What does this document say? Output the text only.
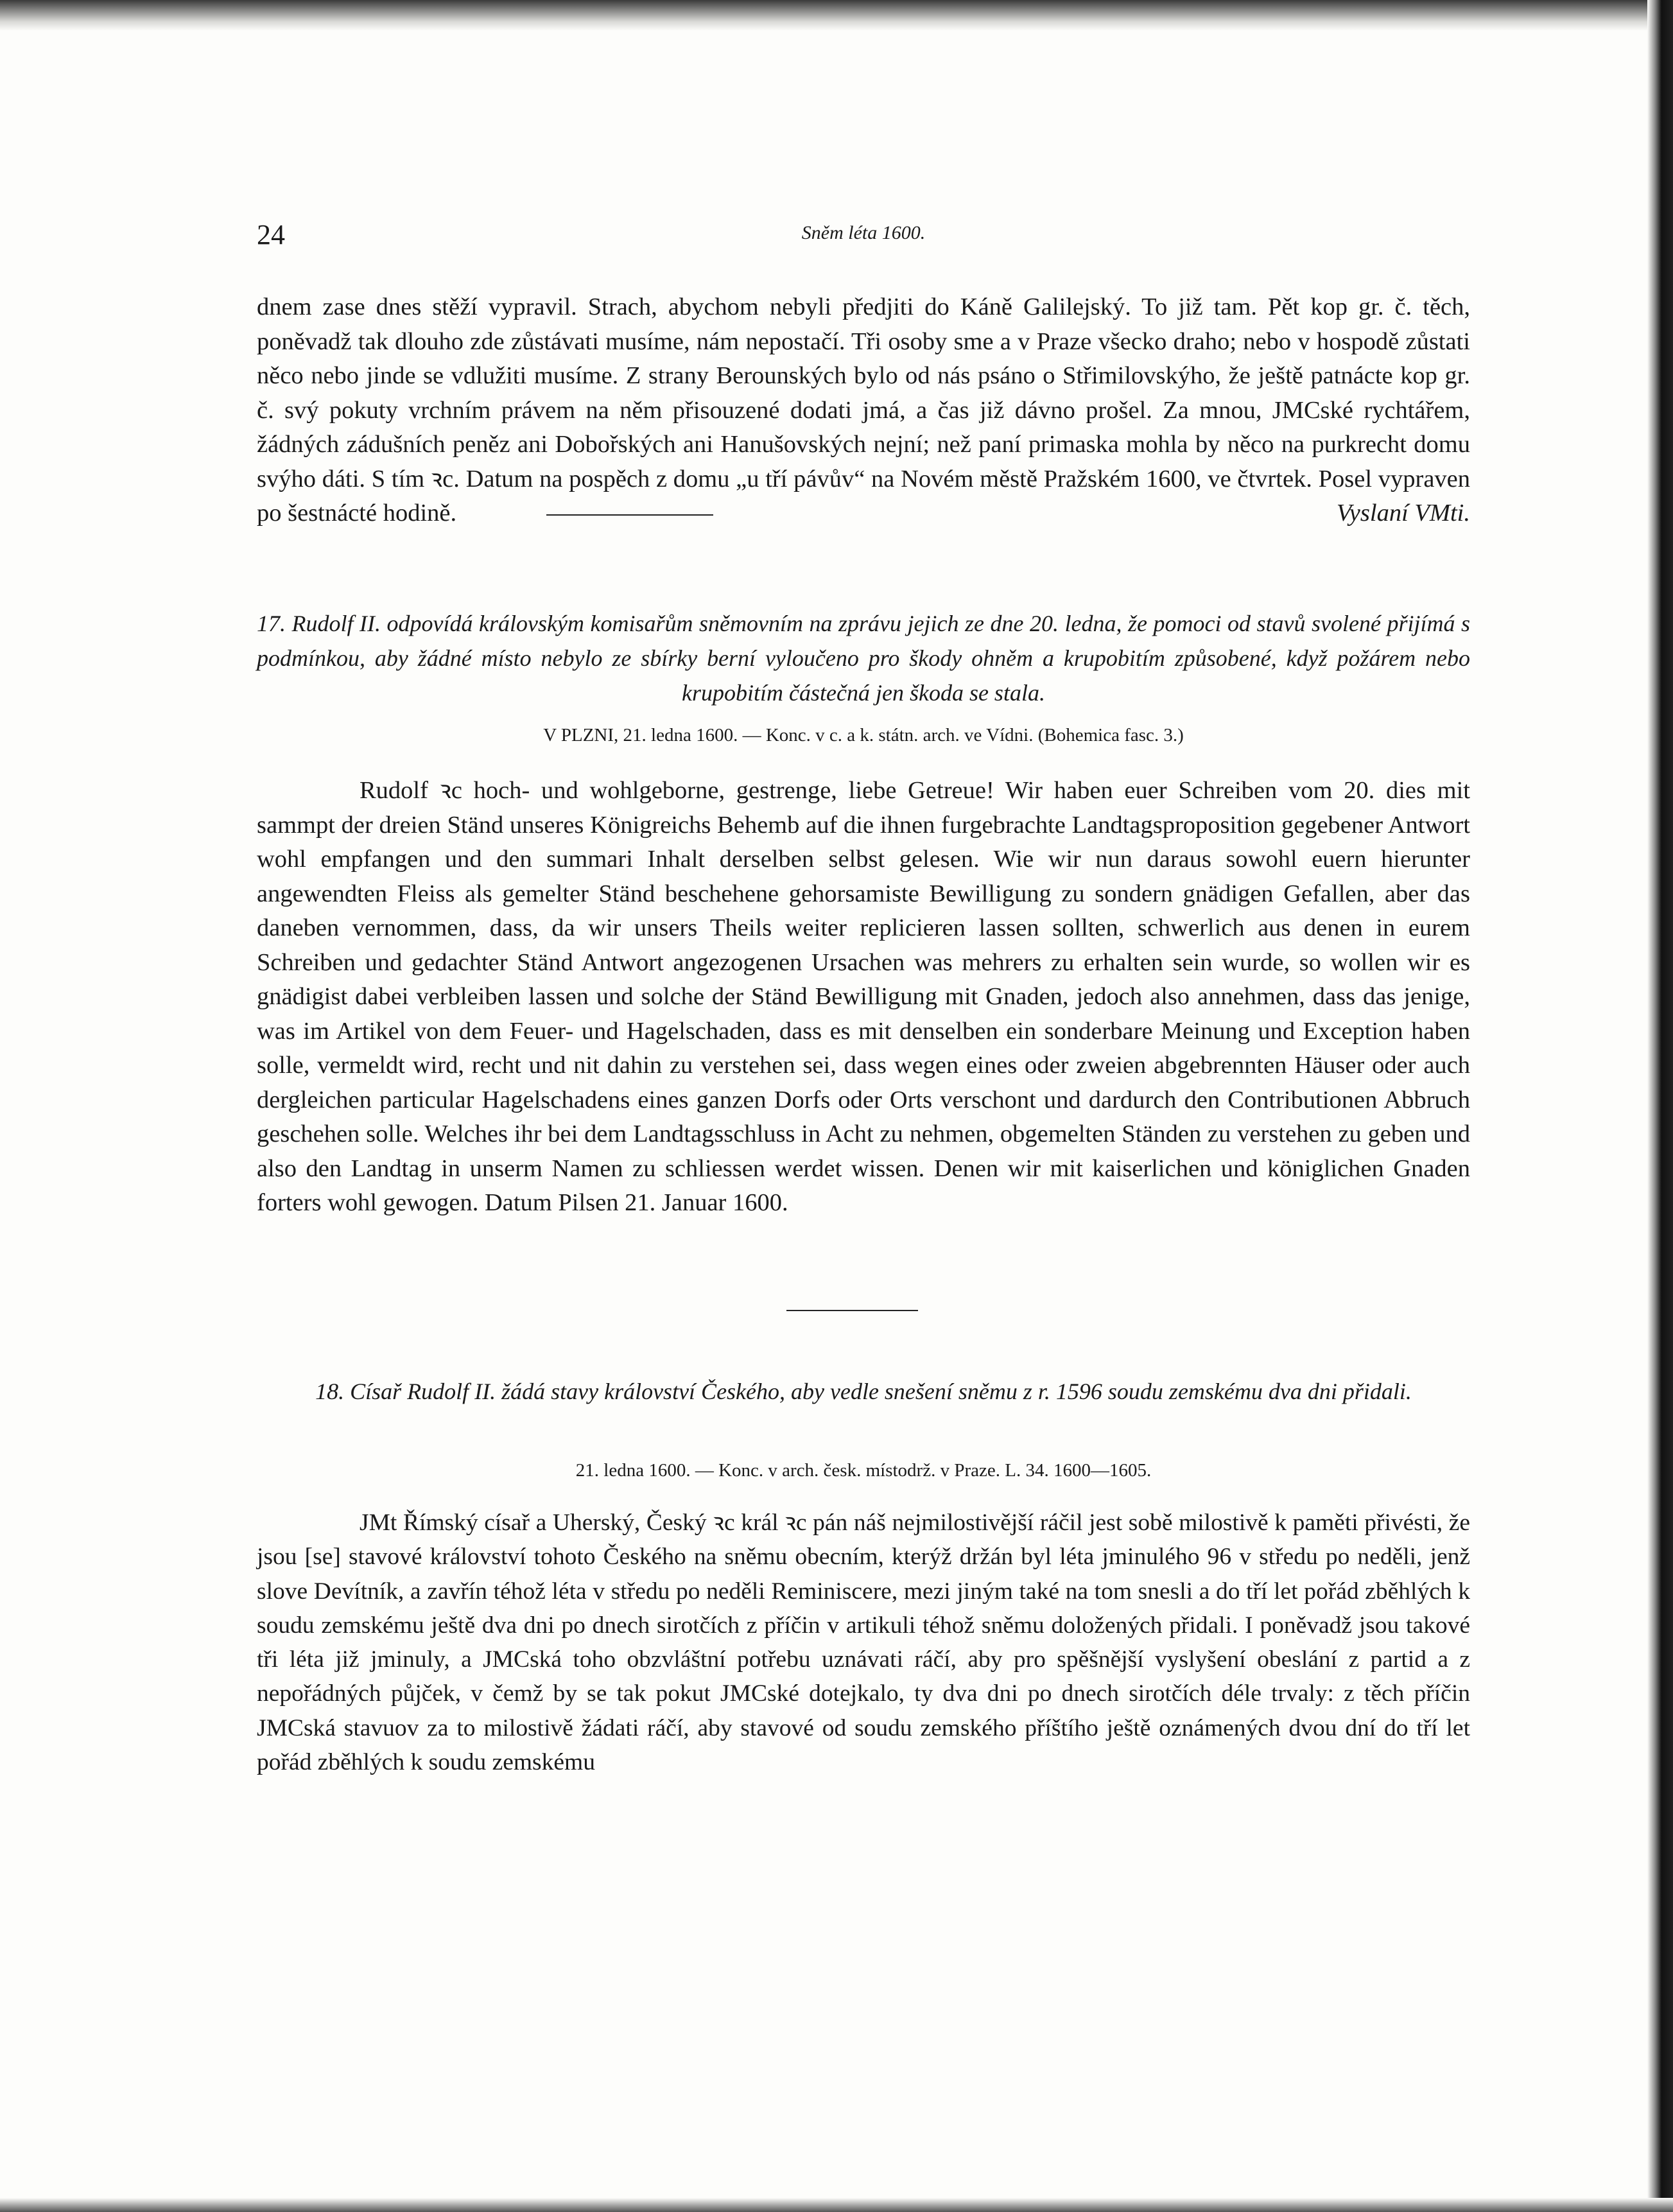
24	Sněm léta 1600.

dnem zase dnes stěží vypravil. Strach, abychom nebyli předjiti do Káně Galilejský. To již tam. Pět kop gr. č. těch, poněvadž tak dlouho zde zůstávati musíme, nám nepostačí. Tři osoby sme a v Praze všecko draho; nebo v hospodě zůstati něco nebo jinde se vdlužiti musíme. Z strany Berounských bylo od nás psáno o Střimilovskýho, že ještě patnácte kop gr. č. svý pokuty vrchním právem na něm přisouzené dodati jmá, a čas již dávno prošel. Za mnou, JMCské rychtářem, žádných zádušních peněz ani Dobořských ani Hanušovských nejní; než paní primaska mohla by něco na purkrecht domu svýho dáti. S tím ꝛc. Datum na pospěch z domu „u tří pávův“ na Novém městě Pražském 1600, ve čtvrtek. Posel vypraven po šestnácté hodině.	Vyslaní VMti.

17. Rudolf II. odpovídá královským komisařům sněmovním na zprávu jejich ze dne 20. ledna, že pomoci od stavů svolené přijímá s podmínkou, aby žádné místo nebylo ze sbírky berní vyloučeno pro škody ohněm a krupobitím způsobené, když požárem nebo krupobitím částečná jen škoda se stala.

V PLZNI, 21. ledna 1600. — Konc. v c. a k. státn. arch. ve Vídni. (Bohemica fasc. 3.)

Rudolf ꝛc hoch- und wohlgeborne, gestrenge, liebe Getreue! Wir haben euer Schreiben vom 20. dies mit sammpt der dreien Ständ unseres Königreichs Behemb auf die ihnen furgebrachte Landtagsproposition gegebener Antwort wohl empfangen und den summari Inhalt derselben selbst gelesen. Wie wir nun daraus sowohl euern hierunter angewendten Fleiss als gemelter Ständ beschehene gehorsamiste Bewilligung zu sondern gnädigen Gefallen, aber das daneben vernommen, dass, da wir unsers Theils weiter replicieren lassen sollten, schwerlich aus denen in eurem Schreiben und gedachter Ständ Antwort angezogenen Ursachen was mehrers zu erhalten sein wurde, so wollen wir es gnädigist dabei verbleiben lassen und solche der Ständ Bewilligung mit Gnaden, jedoch also annehmen, dass das jenige, was im Artikel von dem Feuer- und Hagelschaden, dass es mit denselben ein sonderbare Meinung und Exception haben solle, vermeldt wird, recht und nit dahin zu verstehen sei, dass wegen eines oder zweien abgebrennten Häuser oder auch dergleichen particular Hagelschadens eines ganzen Dorfs oder Orts verschont und dardurch den Contributionen Abbruch geschehen solle. Welches ihr bei dem Landtagsschluss in Acht zu nehmen, obgemelten Ständen zu verstehen zu geben und also den Landtag in unserm Namen zu schliessen werdet wissen. Denen wir mit kaiserlichen und königlichen Gnaden forters wohl gewogen. Datum Pilsen 21. Januar 1600.

18. Císař Rudolf II. žádá stavy království Českého, aby vedle snešení sněmu z r. 1596 soudu zemskému dva dni přidali.

21. ledna 1600. — Konc. v arch. česk. místodrž. v Praze. L. 34. 1600—1605.

JMt Římský císař a Uherský, Český ꝛc král ꝛc pán náš nejmilostivější ráčil jest sobě milostivě k paměti přivésti, že jsou [se] stavové království tohoto Českého na sněmu obecním, kterýž držán byl léta jminulého 96 v středu po neděli, jenž slove Devítník, a zavřín téhož léta v středu po neděli Reminiscere, mezi jiným také na tom snesli a do tří let pořád zběhlých k soudu zemskému ještě dva dni po dnech sirotčích z příčin v artikuli téhož sněmu doložených přidali. I poněvadž jsou takové tři léta již jminuly, a JMCská toho obzvláštní potřebu uznávati ráčí, aby pro spěšnější vyslyšení obeslání z partid a z nepořádných půjček, v čemž by se tak pokut JMCské dotejkalo, ty dva dni po dnech sirotčích déle trvaly: z těch příčin JMCská stavuov za to milostivě žádati ráčí, aby stavové od soudu zemského příštího ještě oznámených dvou dní do tří let pořád zběhlých k soudu zemskému
